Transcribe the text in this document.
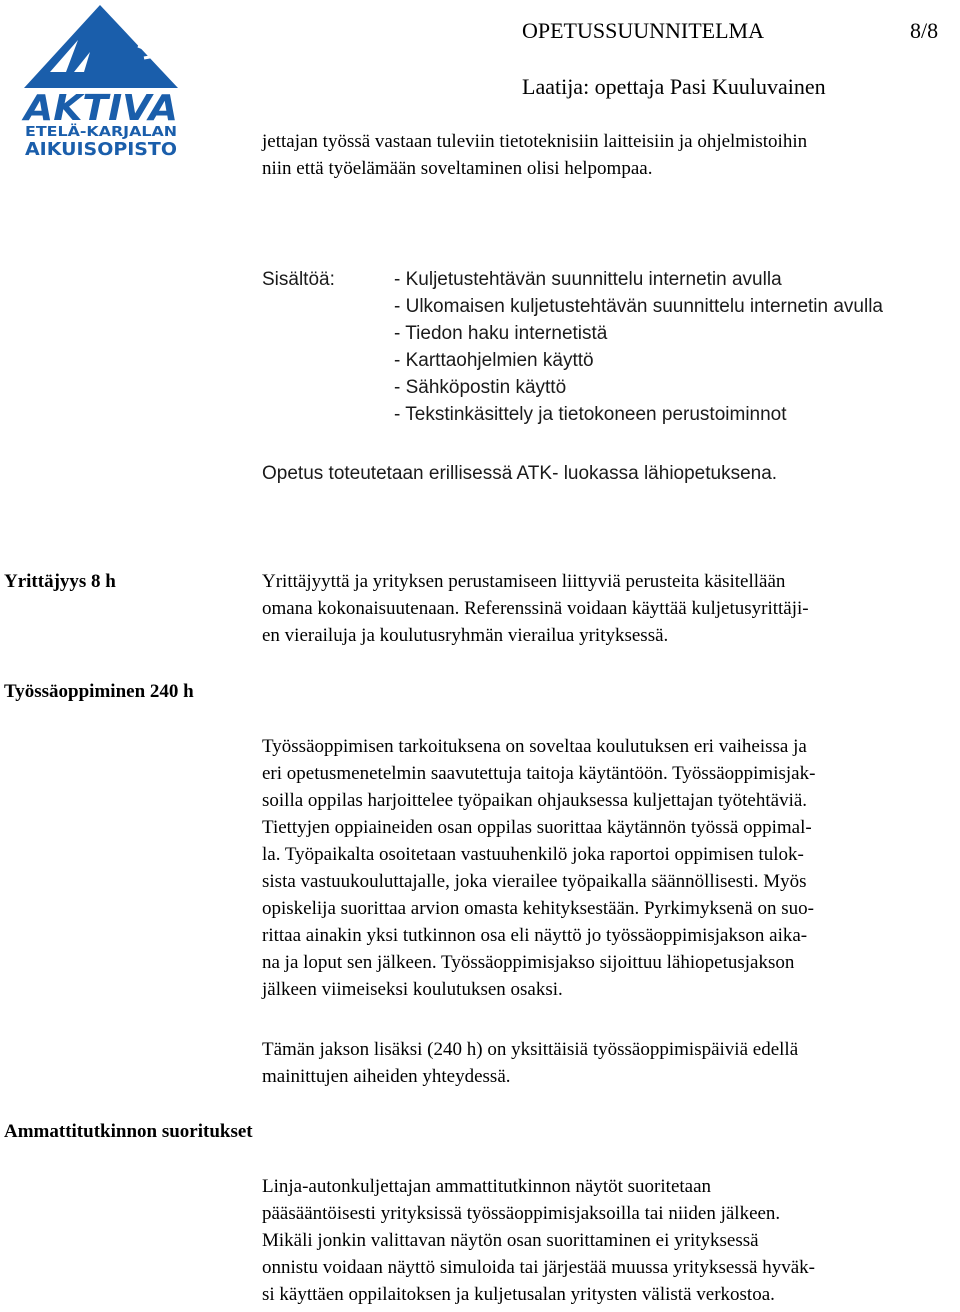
AKTIVA
ETELÄ-KARJALAN
AIKUISOPISTO
OPETUSSUUNNITELMA	8/8
Laatija: opettaja Pasi Kuuluvainen
jettajan työssä vastaan tuleviin tietoteknisiin laitteisiin ja ohjelmistoihin
niin että työelämään soveltaminen olisi helpompaa.
Sisältöä:	- Kuljetustehtävän suunnittelu internetin avulla
- Ulkomaisen kuljetustehtävän suunnittelu internetin avulla
- Tiedon haku internetistä
- Karttaohjelmien käyttö
- Sähköpostin käyttö
- Tekstinkäsittely ja tietokoneen perustoiminnot
Opetus toteutetaan erillisessä ATK- luokassa lähiopetuksena.
Yrittäjyys 8 h	Yrittäjyyttä ja yrityksen perustamiseen liittyviä perusteita käsitellään
omana kokonaisuutenaan. Referenssinä voidaan käyttää kuljetusyrittäji-
en vierailuja ja koulutusryhmän vierailua yrityksessä.
Työssäoppiminen 240 h
Työssäoppimisen tarkoituksena on soveltaa koulutuksen eri vaiheissa ja
eri opetusmenetelmin saavutettuja taitoja käytäntöön. Työssäoppimisjak-
soilla oppilas harjoittelee työpaikan ohjauksessa kuljettajan työtehtäviä.
Tiettyjen oppiaineiden osan oppilas suorittaa käytännön työssä oppimal-
la. Työpaikalta osoitetaan vastuuhenkilö joka raportoi oppimisen tulok-
sista vastuukouluttajalle, joka vierailee työpaikalla säännöllisesti. Myös
opiskelija suorittaa arvion omasta kehityksestään. Pyrkimyksenä on suo-
rittaa ainakin yksi tutkinnon osa eli näyttö jo työssäoppimisjakson aika-
na ja loput sen jälkeen. Työssäoppimisjakso sijoittuu lähiopetusjakson
jälkeen viimeiseksi koulutuksen osaksi.
Tämän jakson lisäksi (240 h) on yksittäisiä työssäoppimispäiviä edellä
mainittujen aiheiden yhteydessä.
Ammattitutkinnon suoritukset
Linja-autonkuljettajan ammattitutkinnon näytöt suoritetaan
pääsääntöisesti yrityksissä työssäoppimisjaksoilla tai niiden jälkeen.
Mikäli jonkin valittavan näytön osan suorittaminen ei yrityksessä
onnistu voidaan näyttö simuloida tai järjestää muussa yrityksessä hyväk-
si käyttäen oppilaitoksen ja kuljetusalan yritysten välistä verkostoa.
